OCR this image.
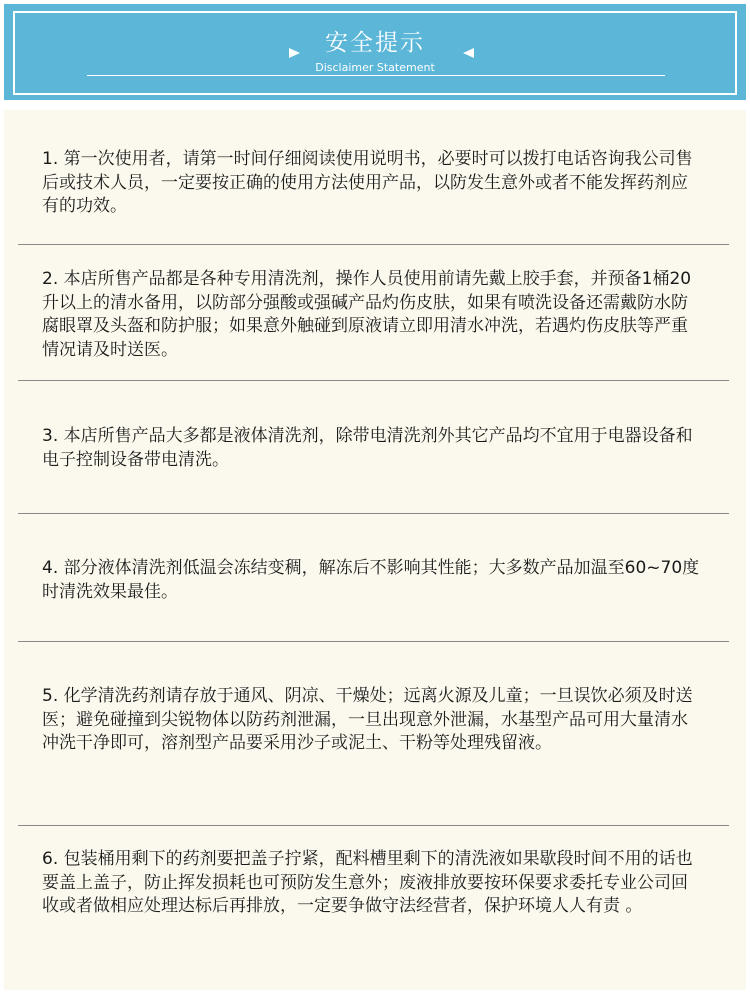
安全提示
Disclaimer Statement

1. 第一次使用者，请第一时间仔细阅读使用说明书，必要时可以拨打电话咨询我公司售后或技术人员，一定要按正确的使用方法使用产品，以防发生意外或者不能发挥药剂应有的功效。

2. 本店所售产品都是各种专用清洗剂，操作人员使用前请先戴上胶手套，并预备1桶20升以上的清水备用，以防部分强酸或强碱产品灼伤皮肤，如果有喷洗设备还需戴防水防腐眼罩及头盔和防护服；如果意外触碰到原液请立即用清水冲洗，若遇灼伤皮肤等严重情况请及时送医。

3. 本店所售产品大多都是液体清洗剂，除带电清洗剂外其它产品均不宜用于电器设备和电子控制设备带电清洗。

4. 部分液体清洗剂低温会冻结变稠，解冻后不影响其性能；大多数产品加温至60~70度时清洗效果最佳。

5. 化学清洗药剂请存放于通风、阴凉、干燥处；远离火源及儿童；一旦误饮必须及时送医；避免碰撞到尖锐物体以防药剂泄漏，一旦出现意外泄漏，水基型产品可用大量清水冲洗干净即可，溶剂型产品要采用沙子或泥土、干粉等处理残留液。

6. 包装桶用剩下的药剂要把盖子拧紧，配料槽里剩下的清洗液如果歇段时间不用的话也要盖上盖子，防止挥发损耗也可预防发生意外；废液排放要按环保要求委托专业公司回收或者做相应处理达标后再排放，一定要争做守法经营者，保护环境人人有责 。
